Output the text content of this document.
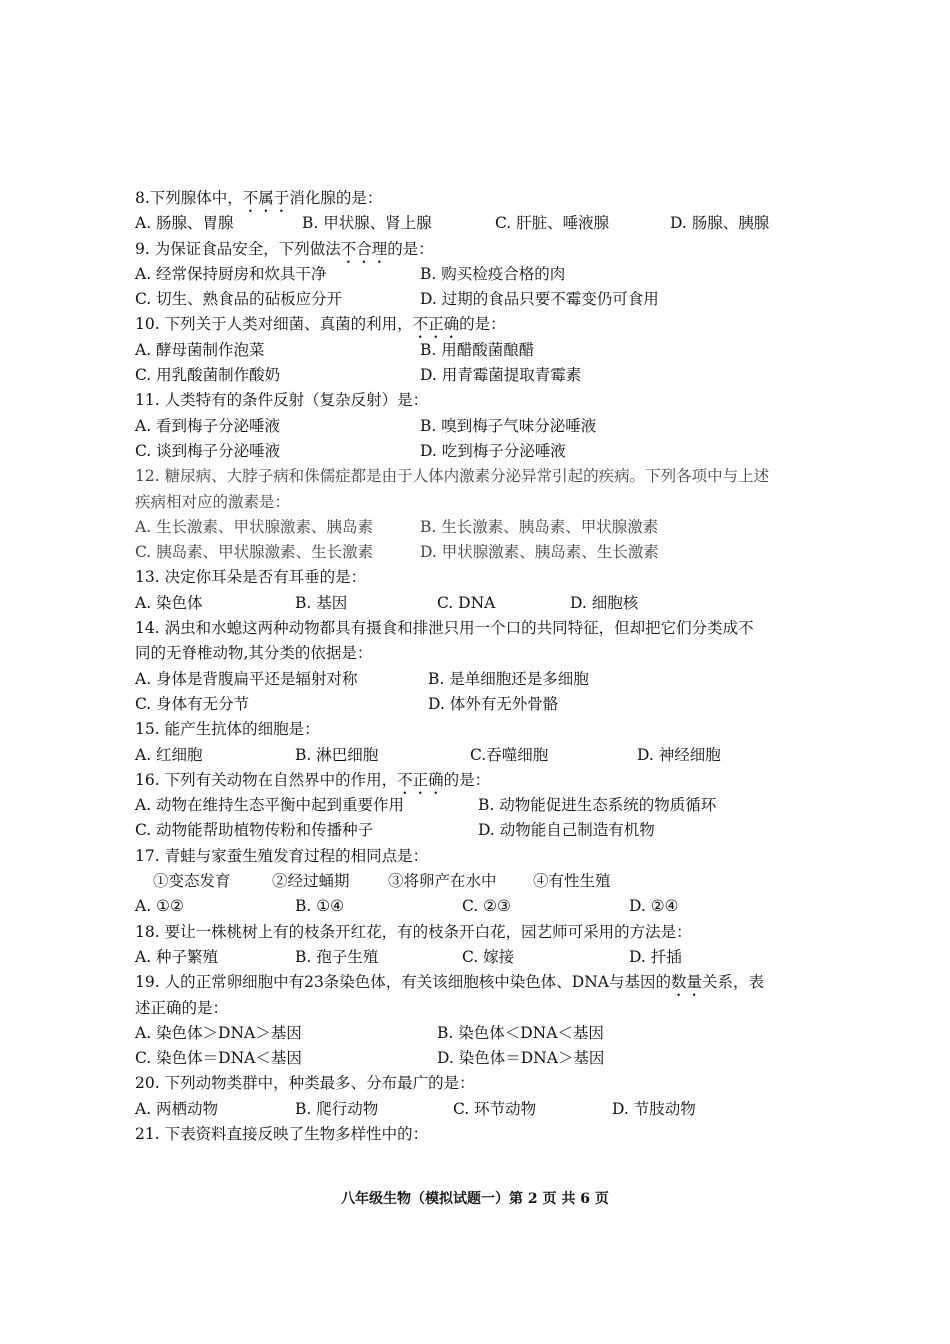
8.下列腺体中，不属于消化腺的是：
A. 肠腺、胃腺	B. 甲状腺、肾上腺	C. 肝脏、唾液腺	D. 肠腺、胰腺
9. 为保证食品安全，下列做法不合理的是：
A. 经常保持厨房和炊具干净	B. 购买检疫合格的肉
C. 切生、熟食品的砧板应分开	D. 过期的食品只要不霉变仍可食用
10. 下列关于人类对细菌、真菌的利用，不正确的是：
A. 酵母菌制作泡菜	B. 用醋酸菌酿醋
C. 用乳酸菌制作酸奶	D. 用青霉菌提取青霉素
11. 人类特有的条件反射（复杂反射）是：
A. 看到梅子分泌唾液	B. 嗅到梅子气味分泌唾液
C. 谈到梅子分泌唾液	D. 吃到梅子分泌唾液
12. 糖尿病、大脖子病和侏儒症都是由于人体内激素分泌异常引起的疾病。下列各项中与上述
疾病相对应的激素是：
A. 生长激素、甲状腺激素、胰岛素	B. 生长激素、胰岛素、甲状腺激素
C. 胰岛素、甲状腺激素、生长激素	D. 甲状腺激素、胰岛素、生长激素
13. 决定你耳朵是否有耳垂的是：
A. 染色体	B. 基因	C. DNA	D. 细胞核
14. 涡虫和水螅这两种动物都具有摄食和排泄只用一个口的共同特征，但却把它们分类成不
同的无脊椎动物,其分类的依据是：
A. 身体是背腹扁平还是辐射对称	B. 是单细胞还是多细胞
C. 身体有无分节	D. 体外有无外骨骼
15. 能产生抗体的细胞是：
A. 红细胞	B. 淋巴细胞	C.吞噬细胞	D. 神经细胞
16. 下列有关动物在自然界中的作用，不正确的是：
A. 动物在维持生态平衡中起到重要作用	B. 动物能促进生态系统的物质循环
C. 动物能帮助植物传粉和传播种子	D. 动物能自己制造有机物
17. 青蛙与家蚕生殖发育过程的相同点是：
①变态发育	②经过蛹期 ③将卵产在水中 ④有性生殖
A. ①②	B. ①④	C. ②③	D. ②④
18. 要让一株桃树上有的枝条开红花，有的枝条开白花，园艺师可采用的方法是：
A. 种子繁殖	B. 孢子生殖	C. 嫁接	D. 扦插
19. 人的正常卵细胞中有23条染色体，有关该细胞核中染色体、DNA与基因的数量关系，表
述正确的是：
A. 染色体＞DNA＞基因	B. 染色体＜DNA＜基因
C. 染色体＝DNA＜基因	D. 染色体＝DNA＞基因
20. 下列动物类群中，种类最多、分布最广的是：
A. 两栖动物	B. 爬行动物	C. 环节动物	D. 节肢动物
21. 下表资料直接反映了生物多样性中的：
八年级生物（模拟试题一）第 2 页 共 6 页
